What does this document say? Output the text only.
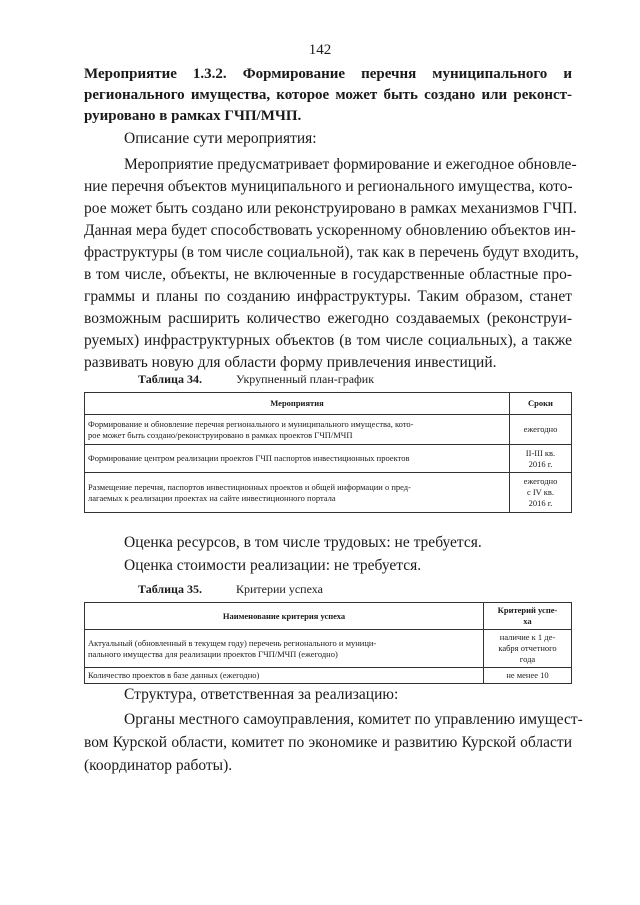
142
Мероприятие 1.3.2. Формирование перечня муниципального и
регионального имущества, которое может быть создано или реконст-
руировано в рамках ГЧП/МЧП.
Описание сути мероприятия:
Мероприятие предусматривает формирование и ежегодное обновле-
ние перечня объектов муниципального и регионального имущества, кото-
рое может быть создано или реконструировано в рамках механизмов ГЧП.
Данная мера будет способствовать ускоренному обновлению объектов ин-
фраструктуры (в том числе социальной), так как в перечень будут входить,
в том числе, объекты, не включенные в государственные областные про-
граммы и планы по созданию инфраструктуры. Таким образом, станет
возможным расширить количество ежегодно создаваемых (реконструи-
руемых) инфраструктурных объектов (в том числе социальных), а также
развивать новую для области форму привлечения инвестиций.
Таблица 34.	Укрупненный план-график
Мероприятия	Сроки
Формирование и обновление перечня регионального и муниципального имущества, кото-
рое может быть создано/реконструировано в рамках проектов ГЧП/МЧП	ежегодно
Формирование центром реализации проектов ГЧП паспортов инвестиционных проектов	II-III кв.
2016 г.
Размещение перечня, паспортов инвестиционных проектов и общей информации о пред-
лагаемых к реализации проектах на сайте инвестиционного портала	ежегодно
с IV кв.
2016 г.
Оценка ресурсов, в том числе трудовых: не требуется.
Оценка стоимости реализации: не требуется.
Таблица 35.	Критерии успеха
Наименование критерия успеха	Критерий успе-
ха
Актуальный (обновленный в текущем году) перечень регионального и муници-
пального имущества для реализации проектов ГЧП/МЧП (ежегодно)	наличие к 1 де-
кабря отчетного
года
Количество проектов в базе данных (ежегодно)	не менее 10
Структура, ответственная за реализацию:
Органы местного самоуправления, комитет по управлению имущест-
вом Курской области, комитет по экономике и развитию Курской области
(координатор работы).
